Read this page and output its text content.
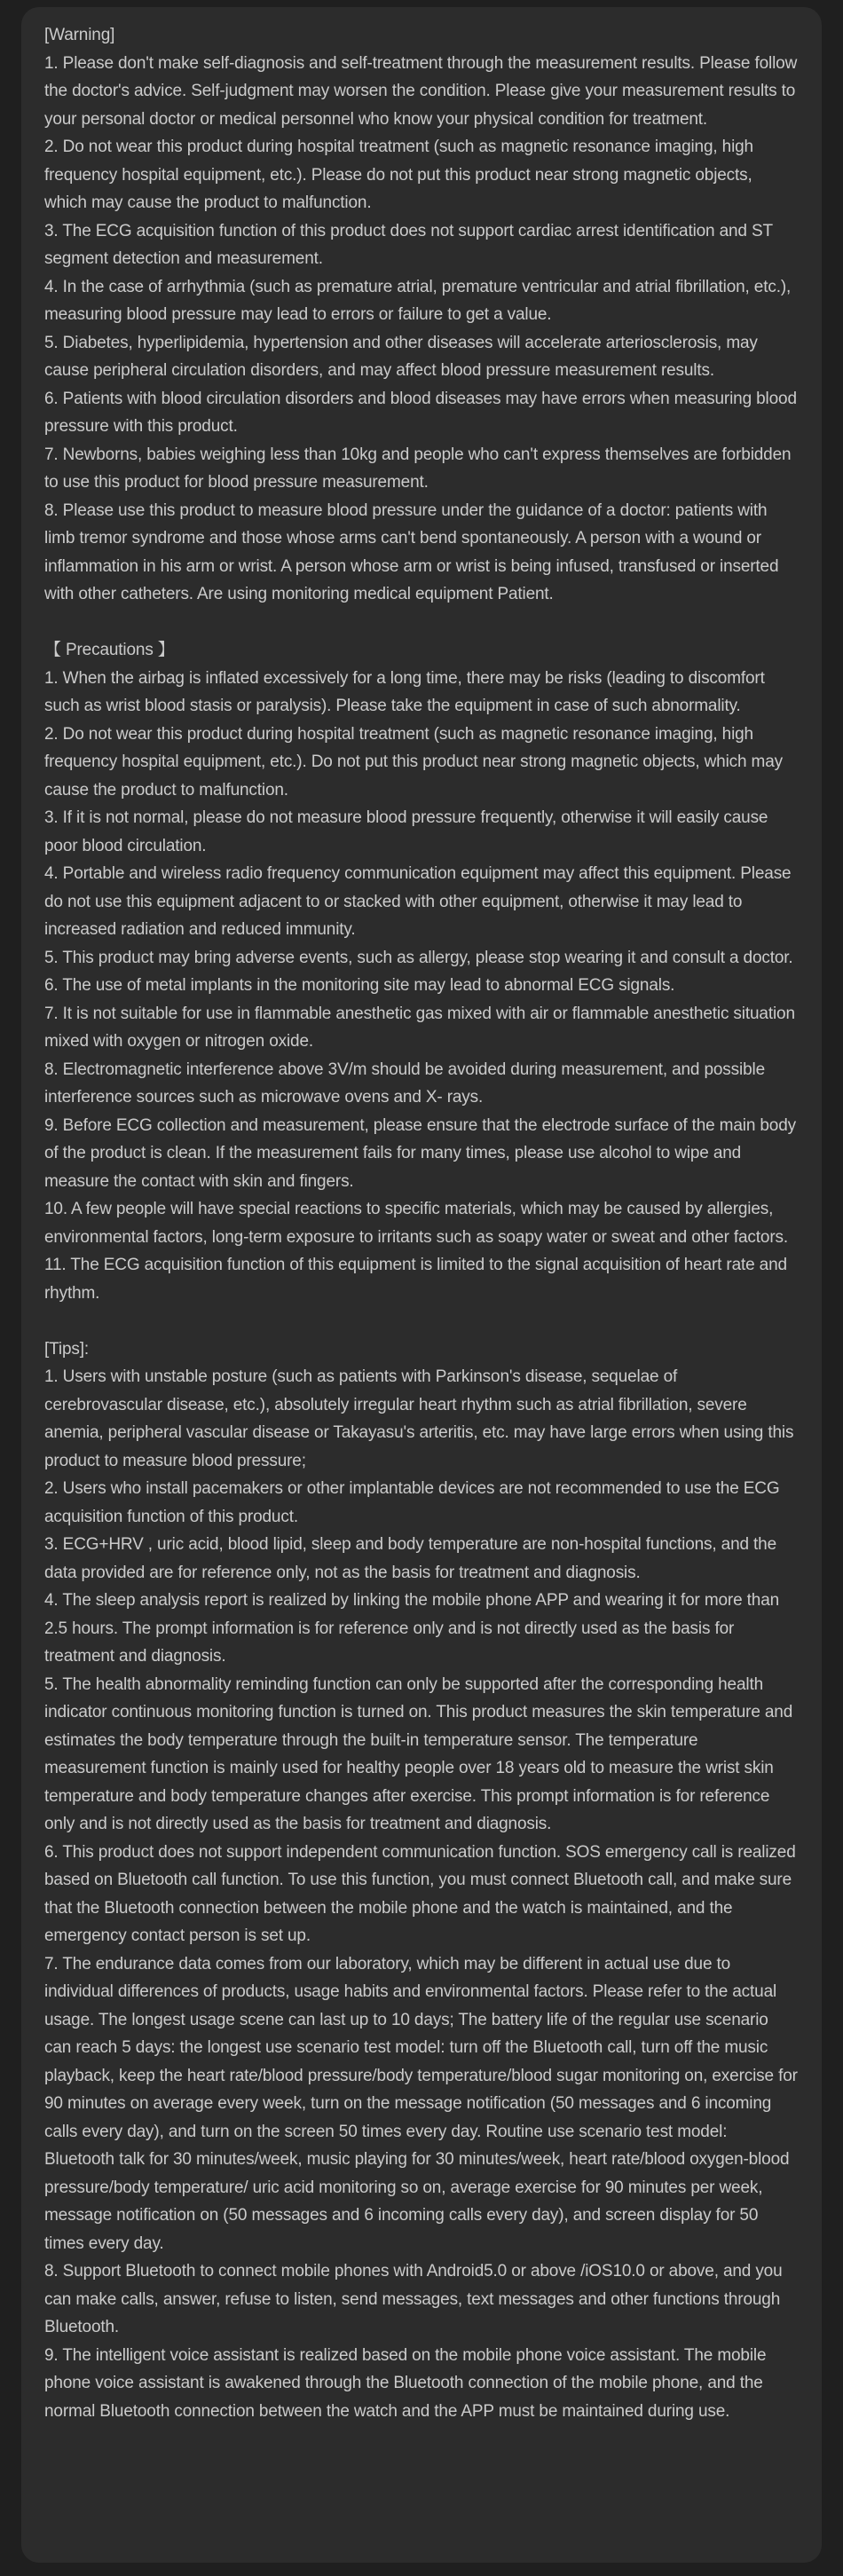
[Warning]

1. Please don't make self-diagnosis and self-treatment through the measurement results. Please follow the doctor's advice. Self-judgment may worsen the condition. Please give your measurement results to your personal doctor or medical personnel who know your physical condition for treatment.

2. Do not wear this product during hospital treatment (such as magnetic resonance imaging, high frequency hospital equipment, etc.). Please do not put this product near strong magnetic objects, which may cause the product to malfunction.

3. The ECG acquisition function of this product does not support cardiac arrest identification and ST segment detection and measurement.

4. In the case of arrhythmia (such as premature atrial, premature ventricular and atrial fibrillation, etc.), measuring blood pressure may lead to errors or failure to get a value.

5. Diabetes, hyperlipidemia, hypertension and other diseases will accelerate arteriosclerosis, may cause peripheral circulation disorders, and may affect blood pressure measurement results.

6. Patients with blood circulation disorders and blood diseases may have errors when measuring blood pressure with this product.

7. Newborns, babies weighing less than 10kg and people who can't express themselves are forbidden to use this product for blood pressure measurement.

8. Please use this product to measure blood pressure under the guidance of a doctor: patients with limb tremor syndrome and those whose arms can't bend spontaneously. A person with a wound or inflammation in his arm or wrist. A person whose arm or wrist is being infused, transfused or inserted with other catheters. Are using monitoring medical equipment Patient.

【 Precautions 】

1. When the airbag is inflated excessively for a long time, there may be risks (leading to discomfort such as wrist blood stasis or paralysis). Please take the equipment in case of such abnormality.

2. Do not wear this product during hospital treatment (such as magnetic resonance imaging, high frequency hospital equipment, etc.). Do not put this product near strong magnetic objects, which may cause the product to malfunction.

3. If it is not normal, please do not measure blood pressure frequently, otherwise it will easily cause poor blood circulation.

4. Portable and wireless radio frequency communication equipment may affect this equipment. Please do not use this equipment adjacent to or stacked with other equipment, otherwise it may lead to increased radiation and reduced immunity.

5. This product may bring adverse events, such as allergy, please stop wearing it and consult a doctor.

6. The use of metal implants in the monitoring site may lead to abnormal ECG signals.

7. It is not suitable for use in flammable anesthetic gas mixed with air or flammable anesthetic situation mixed with oxygen or nitrogen oxide.

8. Electromagnetic interference above 3V/m should be avoided during measurement, and possible interference sources such as microwave ovens and X- rays.

9. Before ECG collection and measurement, please ensure that the electrode surface of the main body of the product is clean. If the measurement fails for many times, please use alcohol to wipe and measure the contact with skin and fingers.

10. A few people will have special reactions to specific materials, which may be caused by allergies, environmental factors, long-term exposure to irritants such as soapy water or sweat and other factors.

11. The ECG acquisition function of this equipment is limited to the signal acquisition of heart rate and rhythm.

[Tips]:

1. Users with unstable posture (such as patients with Parkinson's disease, sequelae of cerebrovascular disease, etc.), absolutely irregular heart rhythm such as atrial fibrillation, severe anemia, peripheral vascular disease or Takayasu's arteritis, etc. may have large errors when using this product to measure blood pressure;

2. Users who install pacemakers or other implantable devices are not recommended to use the ECG acquisition function of this product.

3. ECG+HRV , uric acid, blood lipid, sleep and body temperature are non-hospital functions, and the data provided are for reference only, not as the basis for treatment and diagnosis.

4. The sleep analysis report is realized by linking the mobile phone APP and wearing it for more than 2.5 hours. The prompt information is for reference only and is not directly used as the basis for treatment and diagnosis.

5. The health abnormality reminding function can only be supported after the corresponding health indicator continuous monitoring function is turned on. This product measures the skin temperature and estimates the body temperature through the built-in temperature sensor. The temperature measurement function is mainly used for healthy people over 18 years old to measure the wrist skin temperature and body temperature changes after exercise. This prompt information is for reference only and is not directly used as the basis for treatment and diagnosis.

6. This product does not support independent communication function. SOS emergency call is realized based on Bluetooth call function. To use this function, you must connect Bluetooth call, and make sure that the Bluetooth connection between the mobile phone and the watch is maintained, and the emergency contact person is set up.

7. The endurance data comes from our laboratory, which may be different in actual use due to individual differences of products, usage habits and environmental factors. Please refer to the actual usage. The longest usage scene can last up to 10 days; The battery life of the regular use scenario can reach 5 days: the longest use scenario test model: turn off the Bluetooth call, turn off the music playback, keep the heart rate/blood pressure/body temperature/blood sugar monitoring on, exercise for 90 minutes on average every week, turn on the message notification (50 messages and 6 incoming calls every day), and turn on the screen 50 times every day. Routine use scenario test model: Bluetooth talk for 30 minutes/week, music playing for 30 minutes/week, heart rate/blood oxygen-blood pressure/body temperature/ uric acid monitoring so on, average exercise for 90 minutes per week, message notification on (50 messages and 6 incoming calls every day), and screen display for 50 times every day.

8. Support Bluetooth to connect mobile phones with Android5.0 or above /iOS10.0 or above, and you can make calls, answer, refuse to listen, send messages, text messages and other functions through Bluetooth.

9. The intelligent voice assistant is realized based on the mobile phone voice assistant. The mobile phone voice assistant is awakened through the Bluetooth connection of the mobile phone, and the normal Bluetooth connection between the watch and the APP must be maintained during use.
